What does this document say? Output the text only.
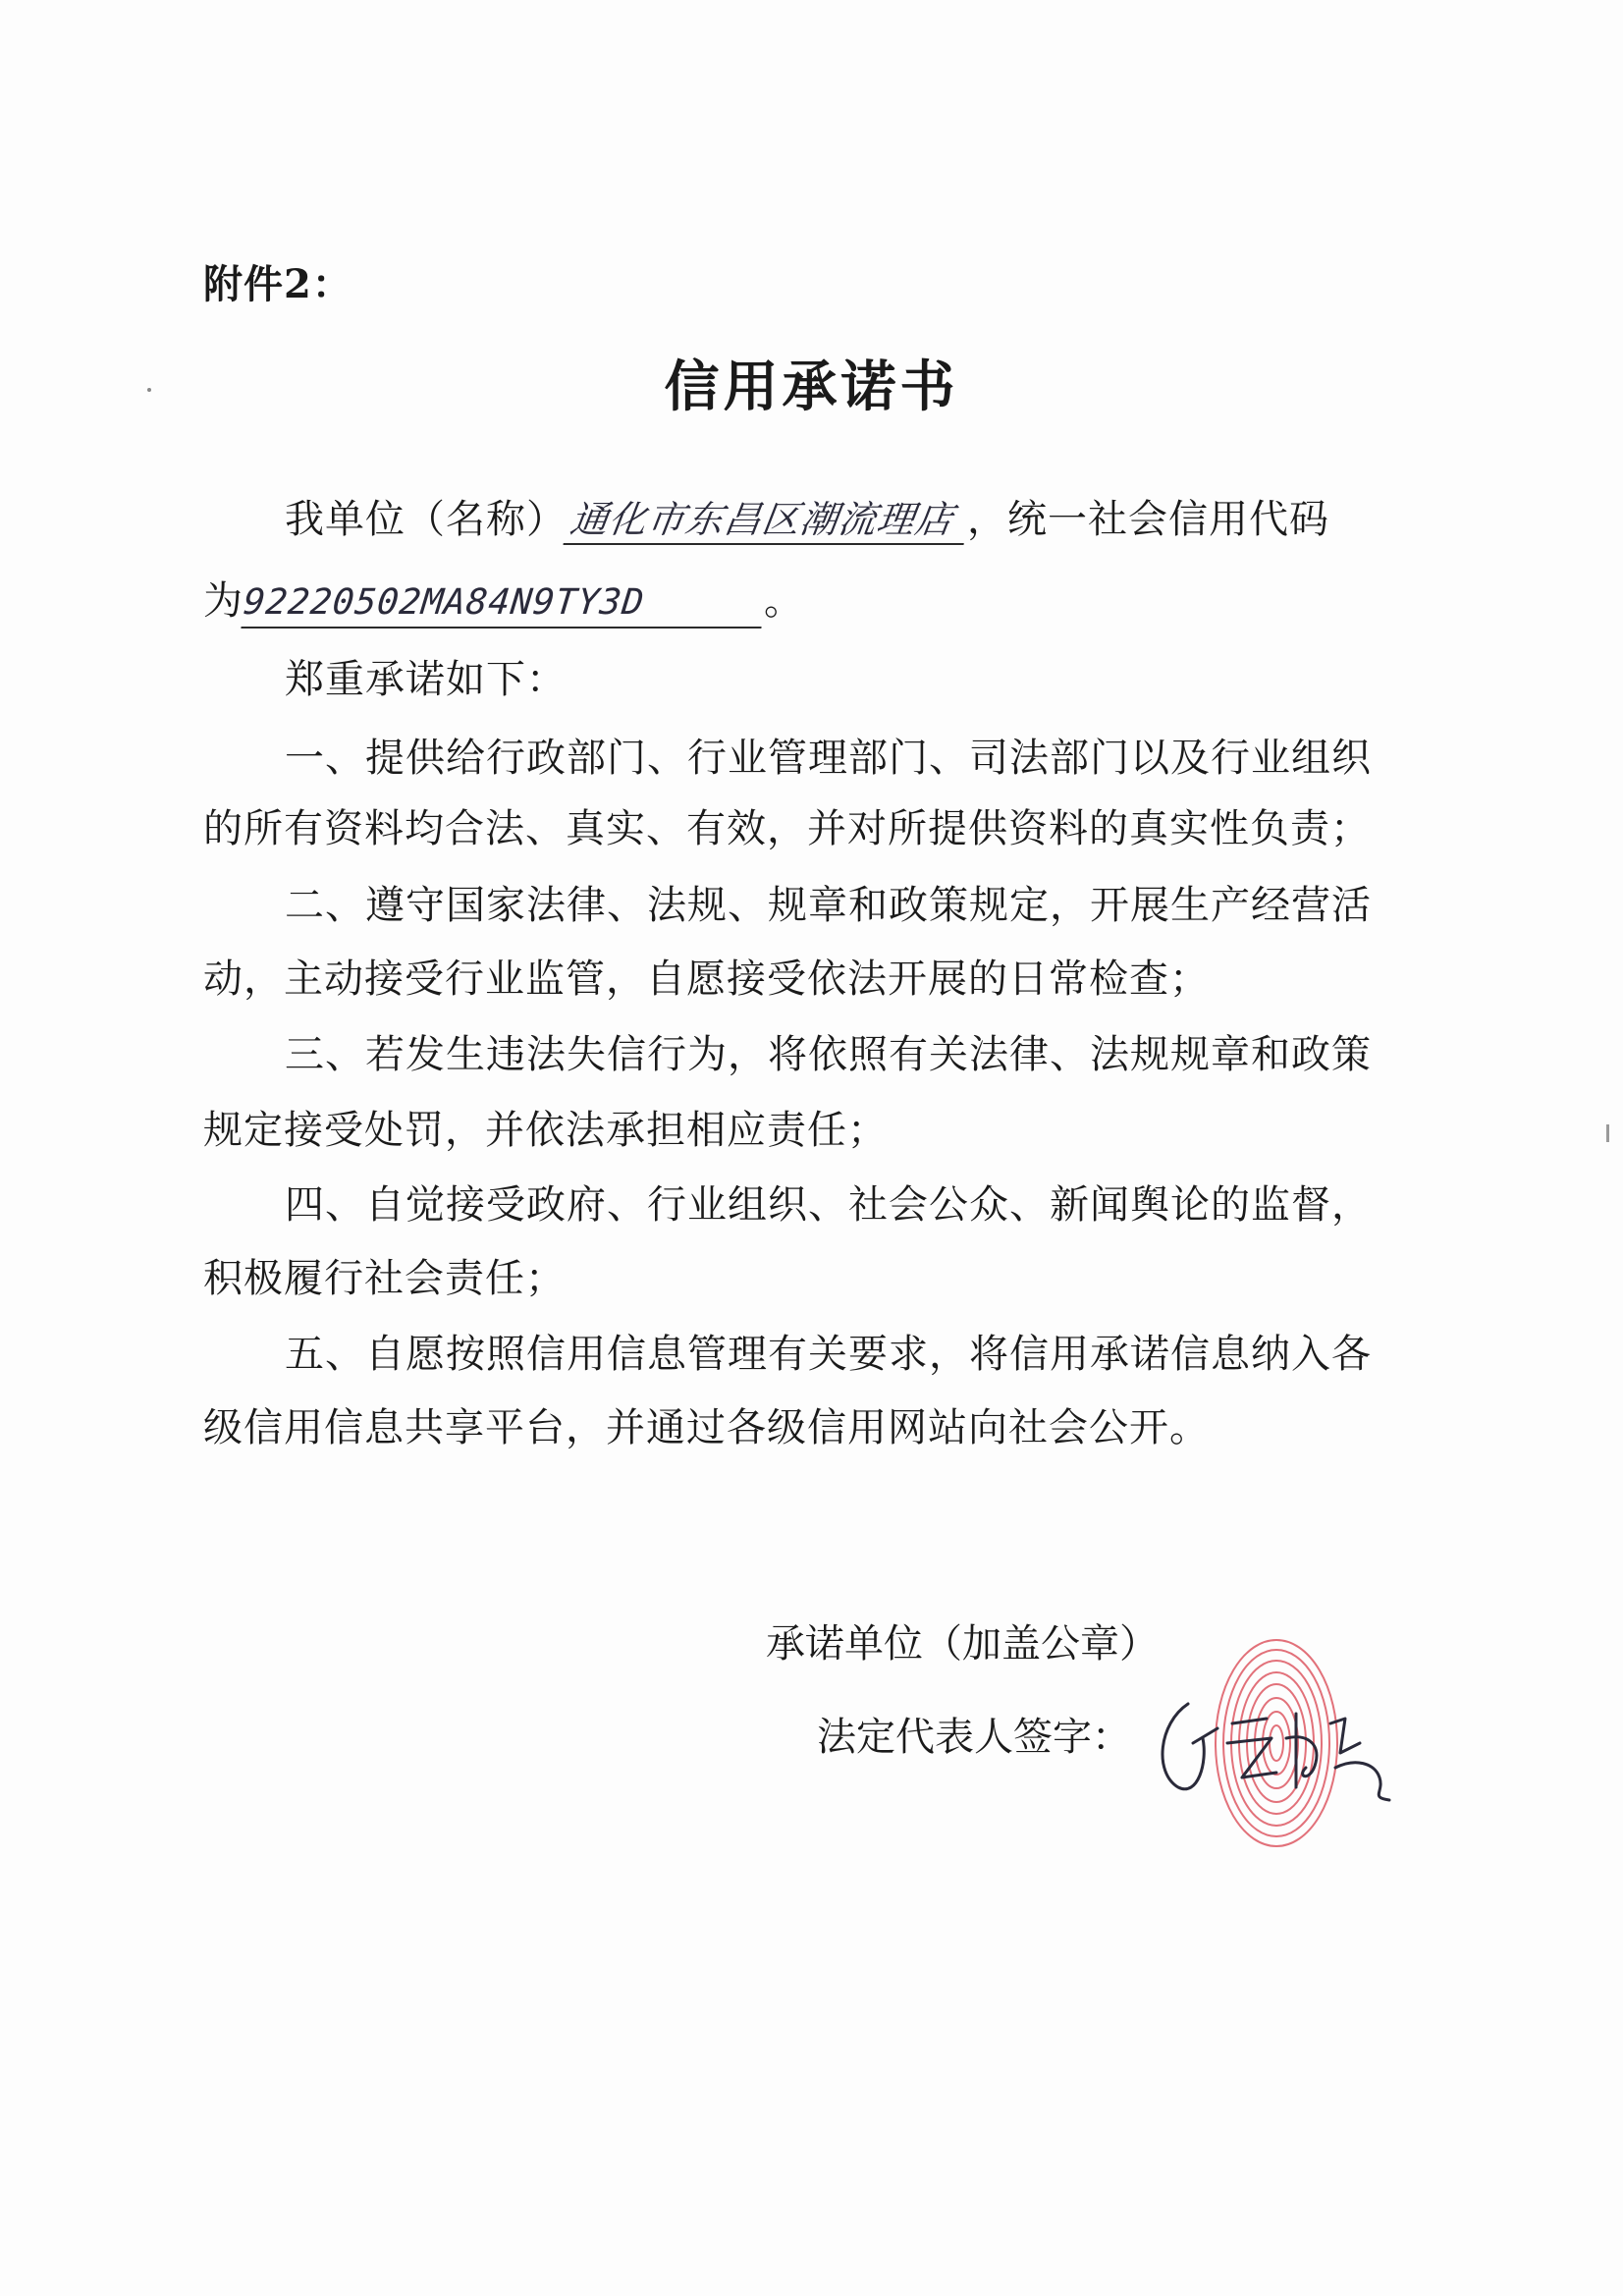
附件2：
信用承诺书
我单位（名称）通化市东昌区潮流理店 ，统一社会信用代码
为92220502MA84N9TY3D	。
郑重承诺如下：
一、提供给行政部门、行业管理部门、司法部门以及行业组织
的所有资料均合法、真实、有效，并对所提供资料的真实性负责；
二、遵守国家法律、法规、规章和政策规定，开展生产经营活
动，主动接受行业监管，自愿接受依法开展的日常检查；
三、若发生违法失信行为，将依照有关法律、法规规章和政策
规定接受处罚，并依法承担相应责任；
四、自觉接受政府、行业组织、社会公众、新闻舆论的监督，
积极履行社会责任；
五、自愿按照信用信息管理有关要求，将信用承诺信息纳入各
级信用信息共享平台，并通过各级信用网站向社会公开。
承诺单位（加盖公章）
法定代表人签字：
